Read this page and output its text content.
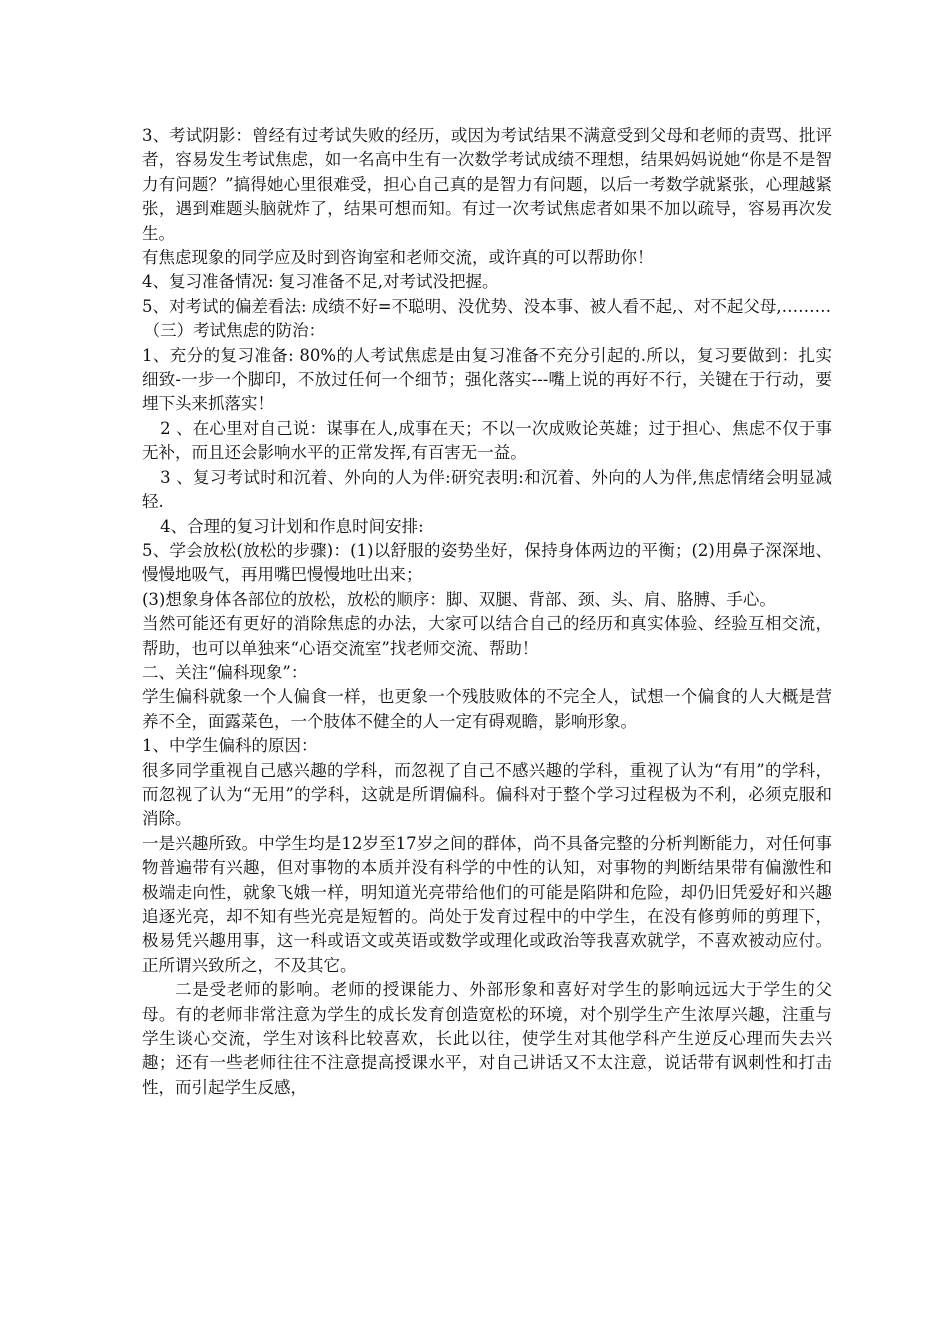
3、考试阴影：曾经有过考试失败的经历，或因为考试结果不满意受到父母和老师的责骂、批评者，容易发生考试焦虑，如一名高中生有一次数学考试成绩不理想，结果妈妈说她“你是不是智力有问题？”搞得她心里很难受，担心自己真的是智力有问题，以后一考数学就紧张，心理越紧张，遇到难题头脑就炸了，结果可想而知。有过一次考试焦虑者如果不加以疏导，容易再次发生。

有焦虑现象的同学应及时到咨询室和老师交流，或许真的可以帮助你！

4、复习准备情况: 复习准备不足,对考试没把握。

5、对考试的偏差看法: 成绩不好=不聪明、没优势、没本事、被人看不起,、对不起父母,………

（三）考试焦虑的防治：

1、充分的复习准备: 80%的人考试焦虑是由复习准备不充分引起的.所以，复习要做到：扎实细致-一步一个脚印，不放过任何一个细节；强化落实---嘴上说的再好不行，关键在于行动，要埋下头来抓落实！

2 、在心里对自己说：谋事在人,成事在天；不以一次成败论英雄；过于担心、焦虑不仅于事无补，而且还会影响水平的正常发挥,有百害无一益。

3 、复习考试时和沉着、外向的人为伴:研究表明:和沉着、外向的人为伴,焦虑情绪会明显减轻.

4、合理的复习计划和作息时间安排:

5、学会放松(放松的步骤)：(1)以舒服的姿势坐好，保持身体两边的平衡；(2)用鼻子深深地、慢慢地吸气，再用嘴巴慢慢地吐出来；

(3)想象身体各部位的放松，放松的顺序：脚、双腿、背部、颈、头、肩、胳膊、手心。

当然可能还有更好的消除焦虑的办法，大家可以结合自己的经历和真实体验、经验互相交流，帮助，也可以单独来“心语交流室”找老师交流、帮助！

二、关注“偏科现象”：

学生偏科就象一个人偏食一样，也更象一个残肢败体的不完全人，试想一个偏食的人大概是营养不全，面露菜色，一个肢体不健全的人一定有碍观瞻，影响形象。

1、中学生偏科的原因：

很多同学重视自己感兴趣的学科，而忽视了自己不感兴趣的学科，重视了认为“有用”的学科，而忽视了认为“无用”的学科，这就是所谓偏科。偏科对于整个学习过程极为不利，必须克服和消除。

一是兴趣所致。中学生均是12岁至17岁之间的群体，尚不具备完整的分析判断能力，对任何事物普遍带有兴趣，但对事物的本质并没有科学的中性的认知，对事物的判断结果带有偏激性和极端走向性，就象飞娥一样，明知道光亮带给他们的可能是陷阱和危险，却仍旧凭爱好和兴趣追逐光亮，却不知有些光亮是短暂的。尚处于发育过程中的中学生，在没有修剪师的剪理下，极易凭兴趣用事，这一科或语文或英语或数学或理化或政治等我喜欢就学，不喜欢被动应付。正所谓兴致所之，不及其它。

二是受老师的影响。老师的授课能力、外部形象和喜好对学生的影响远远大于学生的父母。有的老师非常注意为学生的成长发育创造宽松的环境，对个别学生产生浓厚兴趣，注重与学生谈心交流，学生对该科比较喜欢，长此以往，使学生对其他学科产生逆反心理而失去兴趣；还有一些老师往往不注意提高授课水平，对自己讲话又不太注意，说话带有讽刺性和打击性，而引起学生反感，
